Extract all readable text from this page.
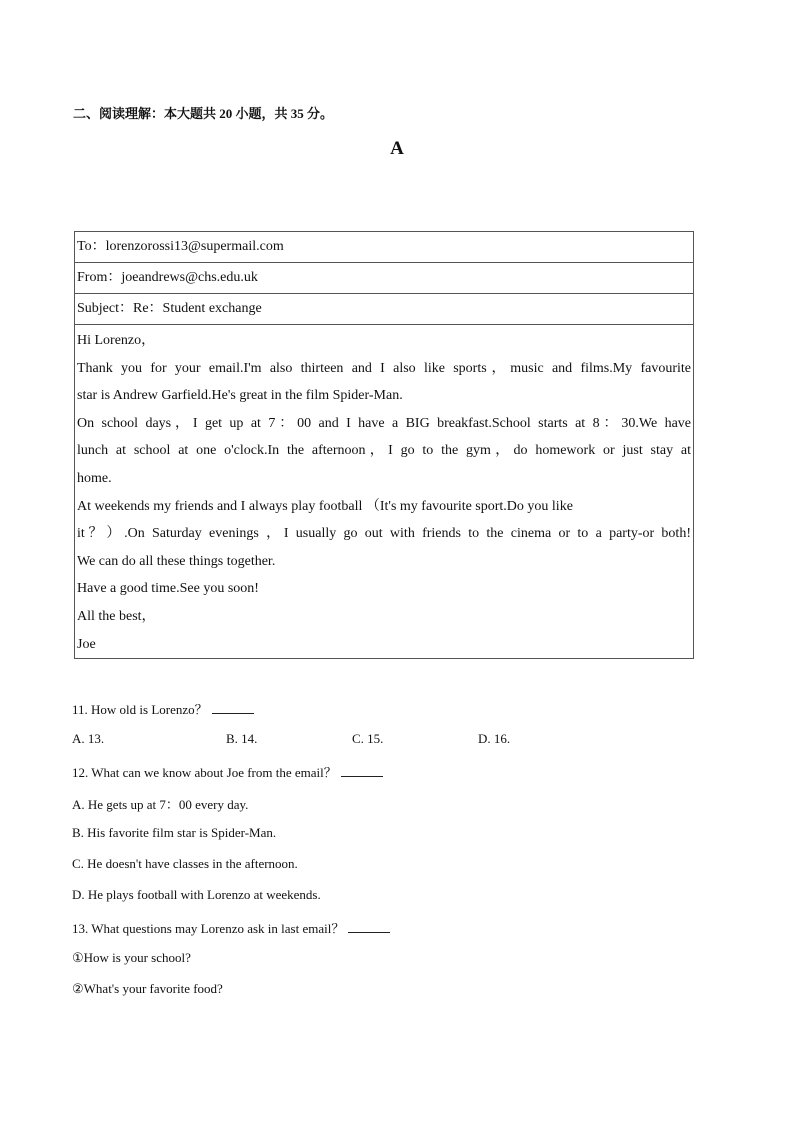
二、阅读理解：本大题共 20 小题，共 35 分。
A
To：lorenzorossi13@supermail.com
From：joeandrews@chs.edu.uk
Subject：Re：Student exchange
Hi Lorenzo，
Thank you for your email.I'm also thirteen and I also like sports，music and films.My favourite
star is Andrew Garfield.He's great in the film Spider-Man.
On school days，I get up at 7：00 and I have a BIG breakfast.School starts at 8：30.We have
lunch at school at one o'clock.In the afternoon，I go to the gym，do homework or just stay at
home.
At weekends my friends and I always play football （It's my favourite sport.Do you like
it？）.On Saturday evenings ，I usually go out with friends to the cinema or to a party-or both!
We can do all these things together.
Have a good time.See you soon!
All the best，
Joe
11. How old is Lorenzo？
A. 13.	B. 14.	C. 15.	D. 16.
12. What can we know about Joe from the email？
A. He gets up at 7：00 every day.
B. His favorite film star is Spider-Man.
C. He doesn't have classes in the afternoon.
D. He plays football with Lorenzo at weekends.
13. What questions may Lorenzo ask in last email？
①How is your school?
②What's your favorite food?
